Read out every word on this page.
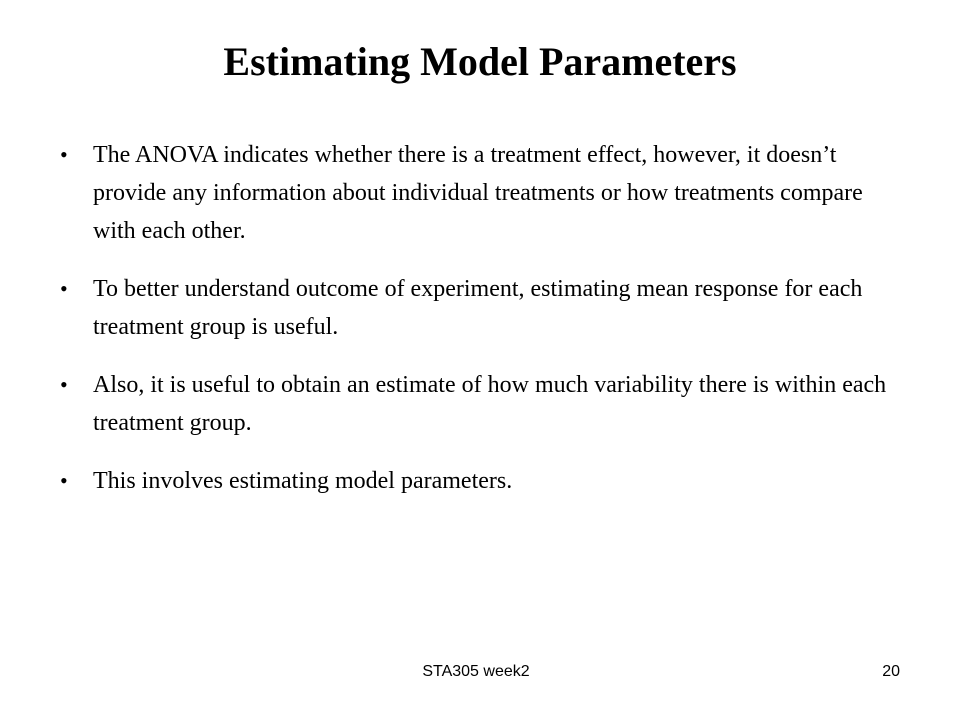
Estimating Model Parameters
• The ANOVA indicates whether there is a treatment effect, however, it doesn’t provide any information about individual treatments or how treatments compare with each other.
• To better understand outcome of experiment, estimating mean response for each treatment group is useful.
• Also, it is useful to obtain an estimate of how much variability there is within each treatment group.
• This involves estimating model parameters.
STA305 week2	20
